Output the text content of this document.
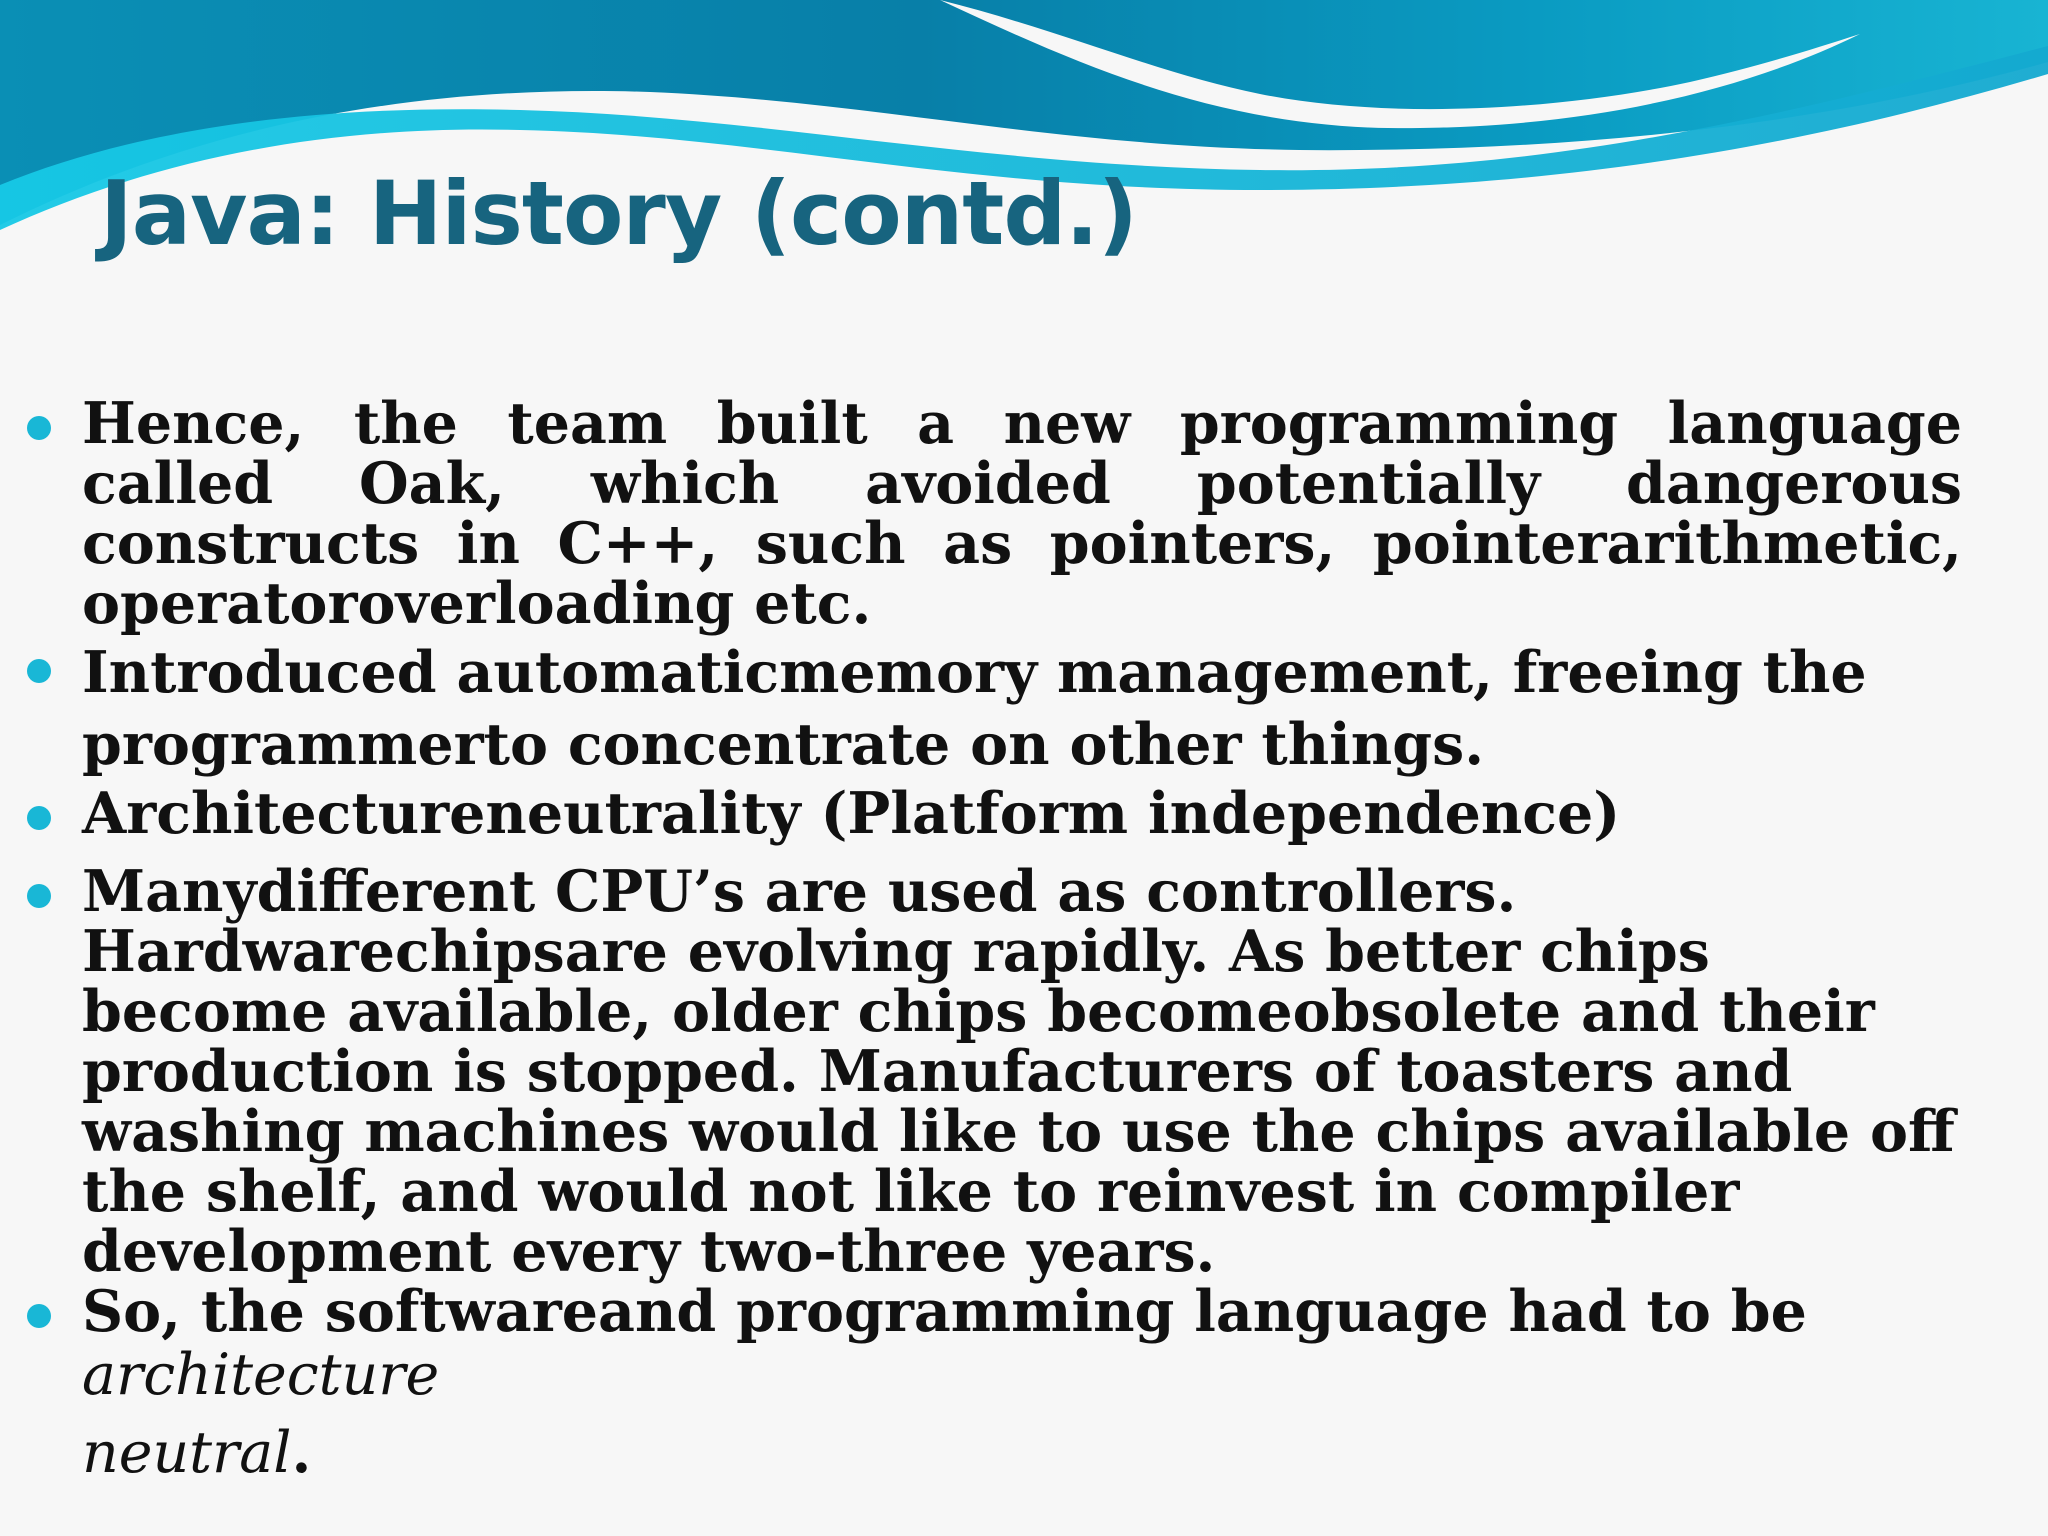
Java: History (contd.)
Hence, the team built a new programming language called Oak, which avoided potentially dangerous constructs in C++, such as pointers, pointerarithmetic, operatoroverloading etc.
Introduced automaticmemory management, freeing the
programmerto concentrate on other things.
Architectureneutrality (Platform independence)
Manydifferent CPU’s are used as controllers. Hardwarechipsare evolving rapidly. As better chips become available, older chips becomeobsolete and their production is stopped. Manufacturers of toasters and washing machines would like to use the chips available off the shelf, and would not like to reinvest in compiler development every two-three years.
So, the softwareand programming language had to be
architecture
neutral.
